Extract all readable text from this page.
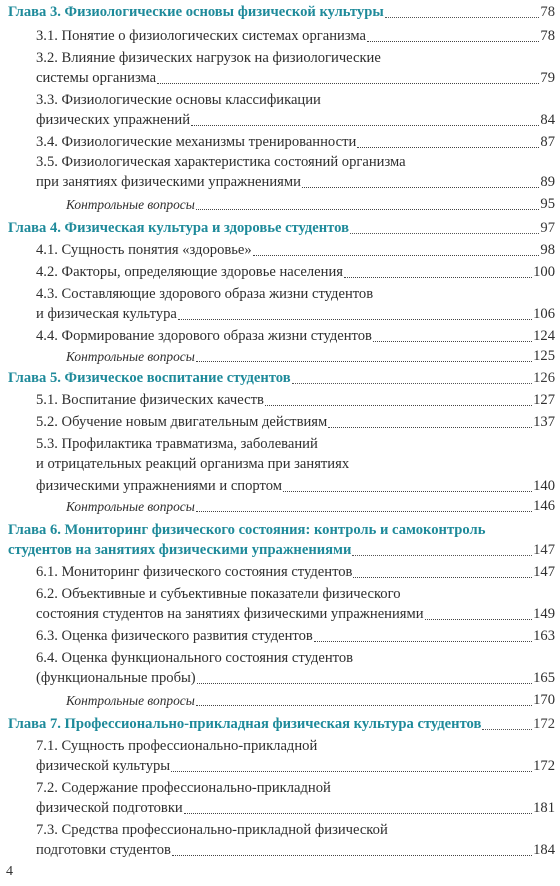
Глава 3. Физиологические основы физической культуры	78
3.1. Понятие о физиологических системах организма	78
3.2. Влияние физических нагрузок на физиологические
системы организма	79
3.3. Физиологические основы классификации
физических упражнений	84
3.4. Физиологические механизмы тренированности	87
3.5. Физиологическая характеристика состояний организма
при занятиях физическими упражнениями	89
Контрольные вопросы	95
Глава 4. Физическая культура и здоровье студентов	97
4.1. Сущность понятия «здоровье»	98
4.2. Факторы, определяющие здоровье населения	100
4.3. Составляющие здорового образа жизни студентов
и физическая культура	106
4.4. Формирование здорового образа жизни студентов	124
Контрольные вопросы	125
Глава 5. Физическое воспитание студентов	126
5.1. Воспитание физических качеств	127
5.2. Обучение новым двигательным действиям	137
5.3. Профилактика травматизма, заболеваний
и отрицательных реакций организма при занятиях
физическими упражнениями и спортом	140
Контрольные вопросы	146
Глава 6. Мониторинг физического состояния: контроль и самоконтроль
студентов на занятиях физическими упражнениями	147
6.1. Мониторинг физического состояния студентов	147
6.2. Объективные и субъективные показатели физического
состояния студентов на занятиях физическими упражнениями	149
6.3. Оценка физического развития студентов	163
6.4. Оценка функционального состояния студентов
(функциональные пробы)	165
Контрольные вопросы	170
Глава 7. Профессионально-прикладная физическая культура студентов	172
7.1. Сущность профессионально-прикладной
физической культуры	172
7.2. Содержание профессионально-прикладной
физической подготовки	181
7.3. Средства профессионально-прикладной физической
подготовки студентов	184
4
